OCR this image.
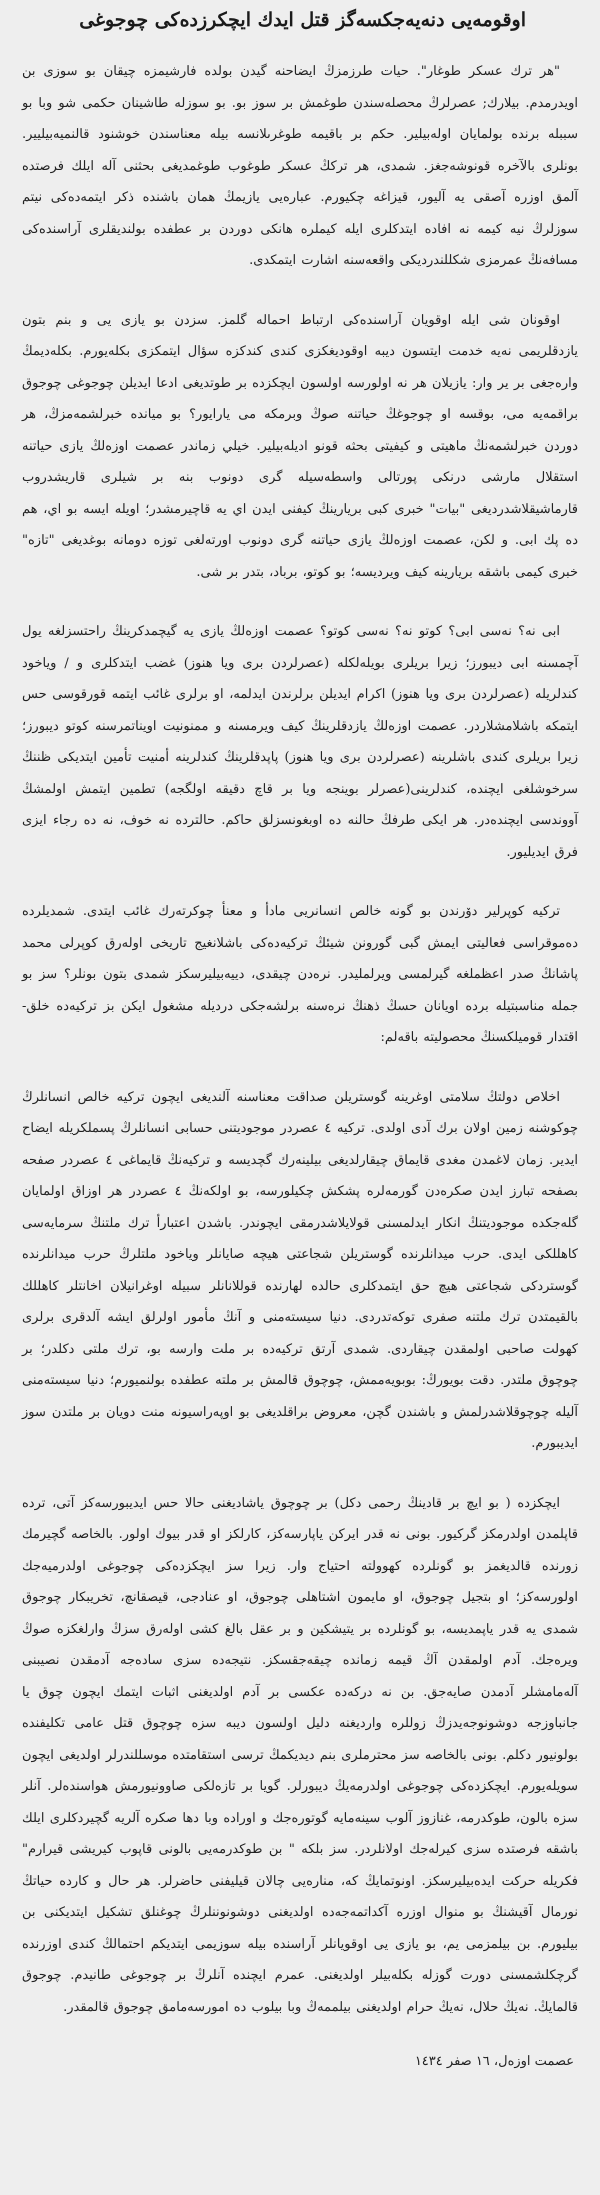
اوقومەیی دنەیەجکسەگز قتل ایدك ایچکرزدەکی چوجوغی

"هر ترك عسكر طوغار". حيات طرزمزڭ ايضاحنه گيدن بولده فارشيمزه چيقان بو سوزى بن اويدرمدم. بيلارك; عصرلرڭ محصلەسندن طوغمش بر سوز بو. بو سوزله طاشينان حكمى شو وبا بو سببله برنده بولمايان اولەبيلير. حكم بر باقيمه طوغرىلانسه بيله معناسندن خوشنود قالنميەبيليير. بونلرى بالآخره قونوشەجغز. شمدى، هر تركڭ عسكر طوغوب طوغمديغى بحثنى آلە ايلك فرصتده آلمق اوزره آصقى يە آليور، قيزاغه چكيورم. عبارەيى يازيمڭ همان باشنده ذكر ايتمەدەكى نيتم سوزلرڭ نيه كيمه نه افاده ايتدكلرى ايله كيملره هانكى دوردن بر عطفده بولنديقلرى آراسندەكى مسافەنڭ عمرمزى شكللندرديكى واقعەسنه اشارت ايتمكدى.

اوقونان شى ايله اوقويان آراسندەكى ارتباط احماله گلمز. سزدن بو يازى يى و بنم بتون يازدقلريمى نەيه خدمت ايتسون ديبه اوقوديغكزى كندى كندكزه سؤال ايتمكزى بكلەيورم. بكلەدیمڭ وارەجغى بر یر وار: يازيلان هر نه اولورسه اولسون ايچكزده بر طوتديغى ادعا ايديلن چوجوغى چوجوق براقمەيه مى، بوقسه او چوجوغڭ حياتنه صوڭ وبرمكه مى يارايور؟ بو ميانده خبرلشمەمزڭ، هر دوردن خبرلشمەنڭ ماهيتى و كيفيتى بحثه قونو اديلەبيلير. خيلي زماندر عصمت اوزەلڭ يازى حياتنه استقلال مارشى درنكى پورتالى واسطەسيله گرى دونوب بنه بر شيلرى قاريشدروب قارماشيقلاشدرديغى "بيات" خبرى كبى بريارينڭ كيفنى ايدن اي يه قاچيرمشدر؛ اويله ايسه بو اي، هم ده پك ابى. و لكن، عصمت اوزەلڭ يازى حياتنه گرى دونوب اورتەلغى توزه دومانه بوغديغى "تازه" خبرى كيمى باشقه بريارينه كيف ويرديسه؛ بو كوتو، برباد، بتدر بر شى.

ابى نه؟ نەسى ابى؟ كوتو نه؟ نەسى كوتو؟ عصمت اوزەلڭ يازى يه گيچمدكرينڭ راحتسزلغه يول آچمسنه ابى ديبورز؛ زيرا بريلرى بويلەلكله (عصرلردن برى ويا هنوز) غضب ايتدكلرى و / وياخود كندلريله (عصرلردن برى ويا هنوز) اكرام ايديلن برلرندن ايدلمه، او برلرى غائب ايتمه قورقوسى حس ايتمكه باشلامشلاردر. عصمت اوزەلڭ يازدقلرينڭ كيف ويرمسنه و ممنونيت اويناتمرسنه كوتو ديبورز؛ زيرا بريلرى كندى باشلرينه (عصرلردن برى ويا هنوز) پاپدقلرينڭ كندلرينه أمنيت تأمين ايتديكى ظننڭ سرخوشلغى ايچنده، كندلرينى(عصرلر بوينجه ويا بر قاچ دقيقه اولگجه) تطمين ايتمش اولمشڭ آووندسى ايچندەدر. هر ايكى طرفڭ حالنه ده اوبغونسزلق حاكم. حالترده نه خوف، نه ده رجاء ايزى فرق ايديليور.

تركيه كوپرلير دۆرندن بو گونه خالص انسانريى مادأ و معنأ چوكرتەرك غائب ايتدى. شمديلرده دەموقراسى فعاليتى ايمش گبى گورونن شيئڭ تركيەدەكى باشلانغيج تاريخى اولەرق كوپرلى محمد پاشانڭ صدر اعظملغه گيرلمسى ويرلمليدر. نرەدن چيقدى، دييەبيليرسكز شمدى بتون بونلر؟ سز بو جمله مناسبتيله برده اويانان حسڭ ذهنڭ نرەسنه برلشەجكى درديله مشغول ايكن بز تركيەده خلق- اقتدار قوميلكسنڭ محصوليته باقەلم:

اخلاص دولتڭ سلامتى اوغرينه گوستريلن صداقت معناسنه آلنديغى ايچون تركيه خالص انسانلرڭ چوكوشنه زمين اولان برك آدى اولدى. تركيه ٤ عصردر موجوديتنى حسابى انسانلرڭ پسملكريله ايضاح ايدير. زمان لاغمدن مغدى قايماق چيقارلديغى بيلينەرك گچديسه و تركيەنڭ قايماغى ٤ عصردر صفحه بصفحه تبارز ايدن صكرەدن گورمەلره پشكش چكيلورسه، بو اولكەنڭ ٤ عصردر هر اوزاق اولمايان گلەجكده موجوديتنڭ انكار ايدلمسنى قولايلاشدرمقى ايچوندر. باشدن اعتبارأ ترك ملتنڭ سرمايەسى كاهللكى ايدى. حرب ميدانلرنده گوستريلن شجاعتى هيچه صايانلر وياخود ملتلرڭ حرب ميدانلرنده گوستردكى شجاعتى هيچ حق ايتمدكلرى حالده لهارنده قوللانانلر سبيله اوغرانيلان اخانتلر كاهللك بالقيمتدن ترك ملتنه صفرى توكەتدردى. دنيا سيستەمنى و آنڭ مأمور اولرلق ايشه آلدقرى برلرى كهولت صاحبى اولمقدن چيقاردى. شمدى آرتق تركيەده بر ملت وارسه بو، ترك ملتى دكلدر؛ بر چوچوق ملتدر. دقت بويورڭ: بوبويەممش، چوچوق قالمش بر ملته عطفده بولنميورم؛ دنيا سيستەمنى آليله چوچوقلاشدرلمش و باشندن گچن، معروض براقلديغى بو اوپەراسيونه منت دويان بر ملتدن سوز ايديبورم.

ايچكزده ( بو ايچ بر قادينڭ رحمى دكل) بر چوچوق ياشاديغنى حالا حس ايديبورسەكز آتى، ترده قاپلمدن اولدرمكز گركيور. بونى نه قدر ايرکن ياپارسەكز، كارلكز او قدر بيوك اولور. بالخاصه گچيرمك زورنده قالديغمز بو گونلرده كهوولته احتياج وار. زيرا سز ايچكزدەكى چوجوغى اولدرميەجك اولورسەكز؛ او بتجيل چوجوق، او مايمون اشتاهلى چوجوق، او عنادجى، قيصقانچ، تخريبكار چوجوق شمدى يه قدر ياپمديسه، بو گونلرده بر يتيشكين و بر عقل بالغ كشى اولەرق سزڭ وارلغكزه صوڭ ويرەجك. آدم اولمقدن آڭ قيمه زمانده چيقەجقسكز. نتيجەده سزى سادەجه آدمقدن نصيبنى آلەمامشلر آدمدن صايەجق. بن نه دركەده عكسى بر آدم اولديغنى اثبات ايتمك ايچون چوق يا جانباوزجه دوشونوجەيدزڭ زوللره وارديغنه دليل اولسون ديبه سزه چوچوق قتل عامى تكليفنده بولونيور دكلم. بونى بالخاصه سز محترملرى بنم ديديكمڭ ترسى استقامتده موسللندرلر اولديغى ايچون سويلەيورم. ايچكزدەكى چوجوغى اولدرمەيڭ ديبورلر. گويا بر تازەلكى صاوونيورمش هواسندەلر. آنلر سزه بالون، طوكدرمه، غنازوز آلوب سينەمايه گوتورەجك و اوراده وبا دها صكره آلريه گچيردكلرى ايلك باشقه فرصتده سزى كيرلەجك اولانلردر. سز بلكه " بن طوكدرمەيى بالونى قاپوب كيريشى قيرارم" فكريله حركت ايدەبيليرسكز. اونوتمايڭ كه، منارەيى چالان قيليفنى حاضرلر. هر حال و كارده حياتڭ نورمال آقيشنڭ بو منوال اوزره آكداتمەجەده اولديغنى دوشونوننلرڭ چوغنلق تشكيل ايتديكنى بن بيليورم. بن بيلمزمى يم، بو يازى يى اوقويانلر آراسنده بيله سوزيمى ايتديكم احتمالڭ كندى اوزرنده گرچكلشمسنى دورت گوزله بكلەبيلر اولديغنى. عمرم ايچنده آنلرڭ بر چوجوغى طانيدم. چوجوق قالمايڭ. نەيڭ حلال، نەيڭ حرام اولديغنى بيلممەڭ وبا بيلوب ده امورسەمامق چوجوق قالمقدر.

عصمت اوزەل، ١٦ صفر ١٤٣٤
